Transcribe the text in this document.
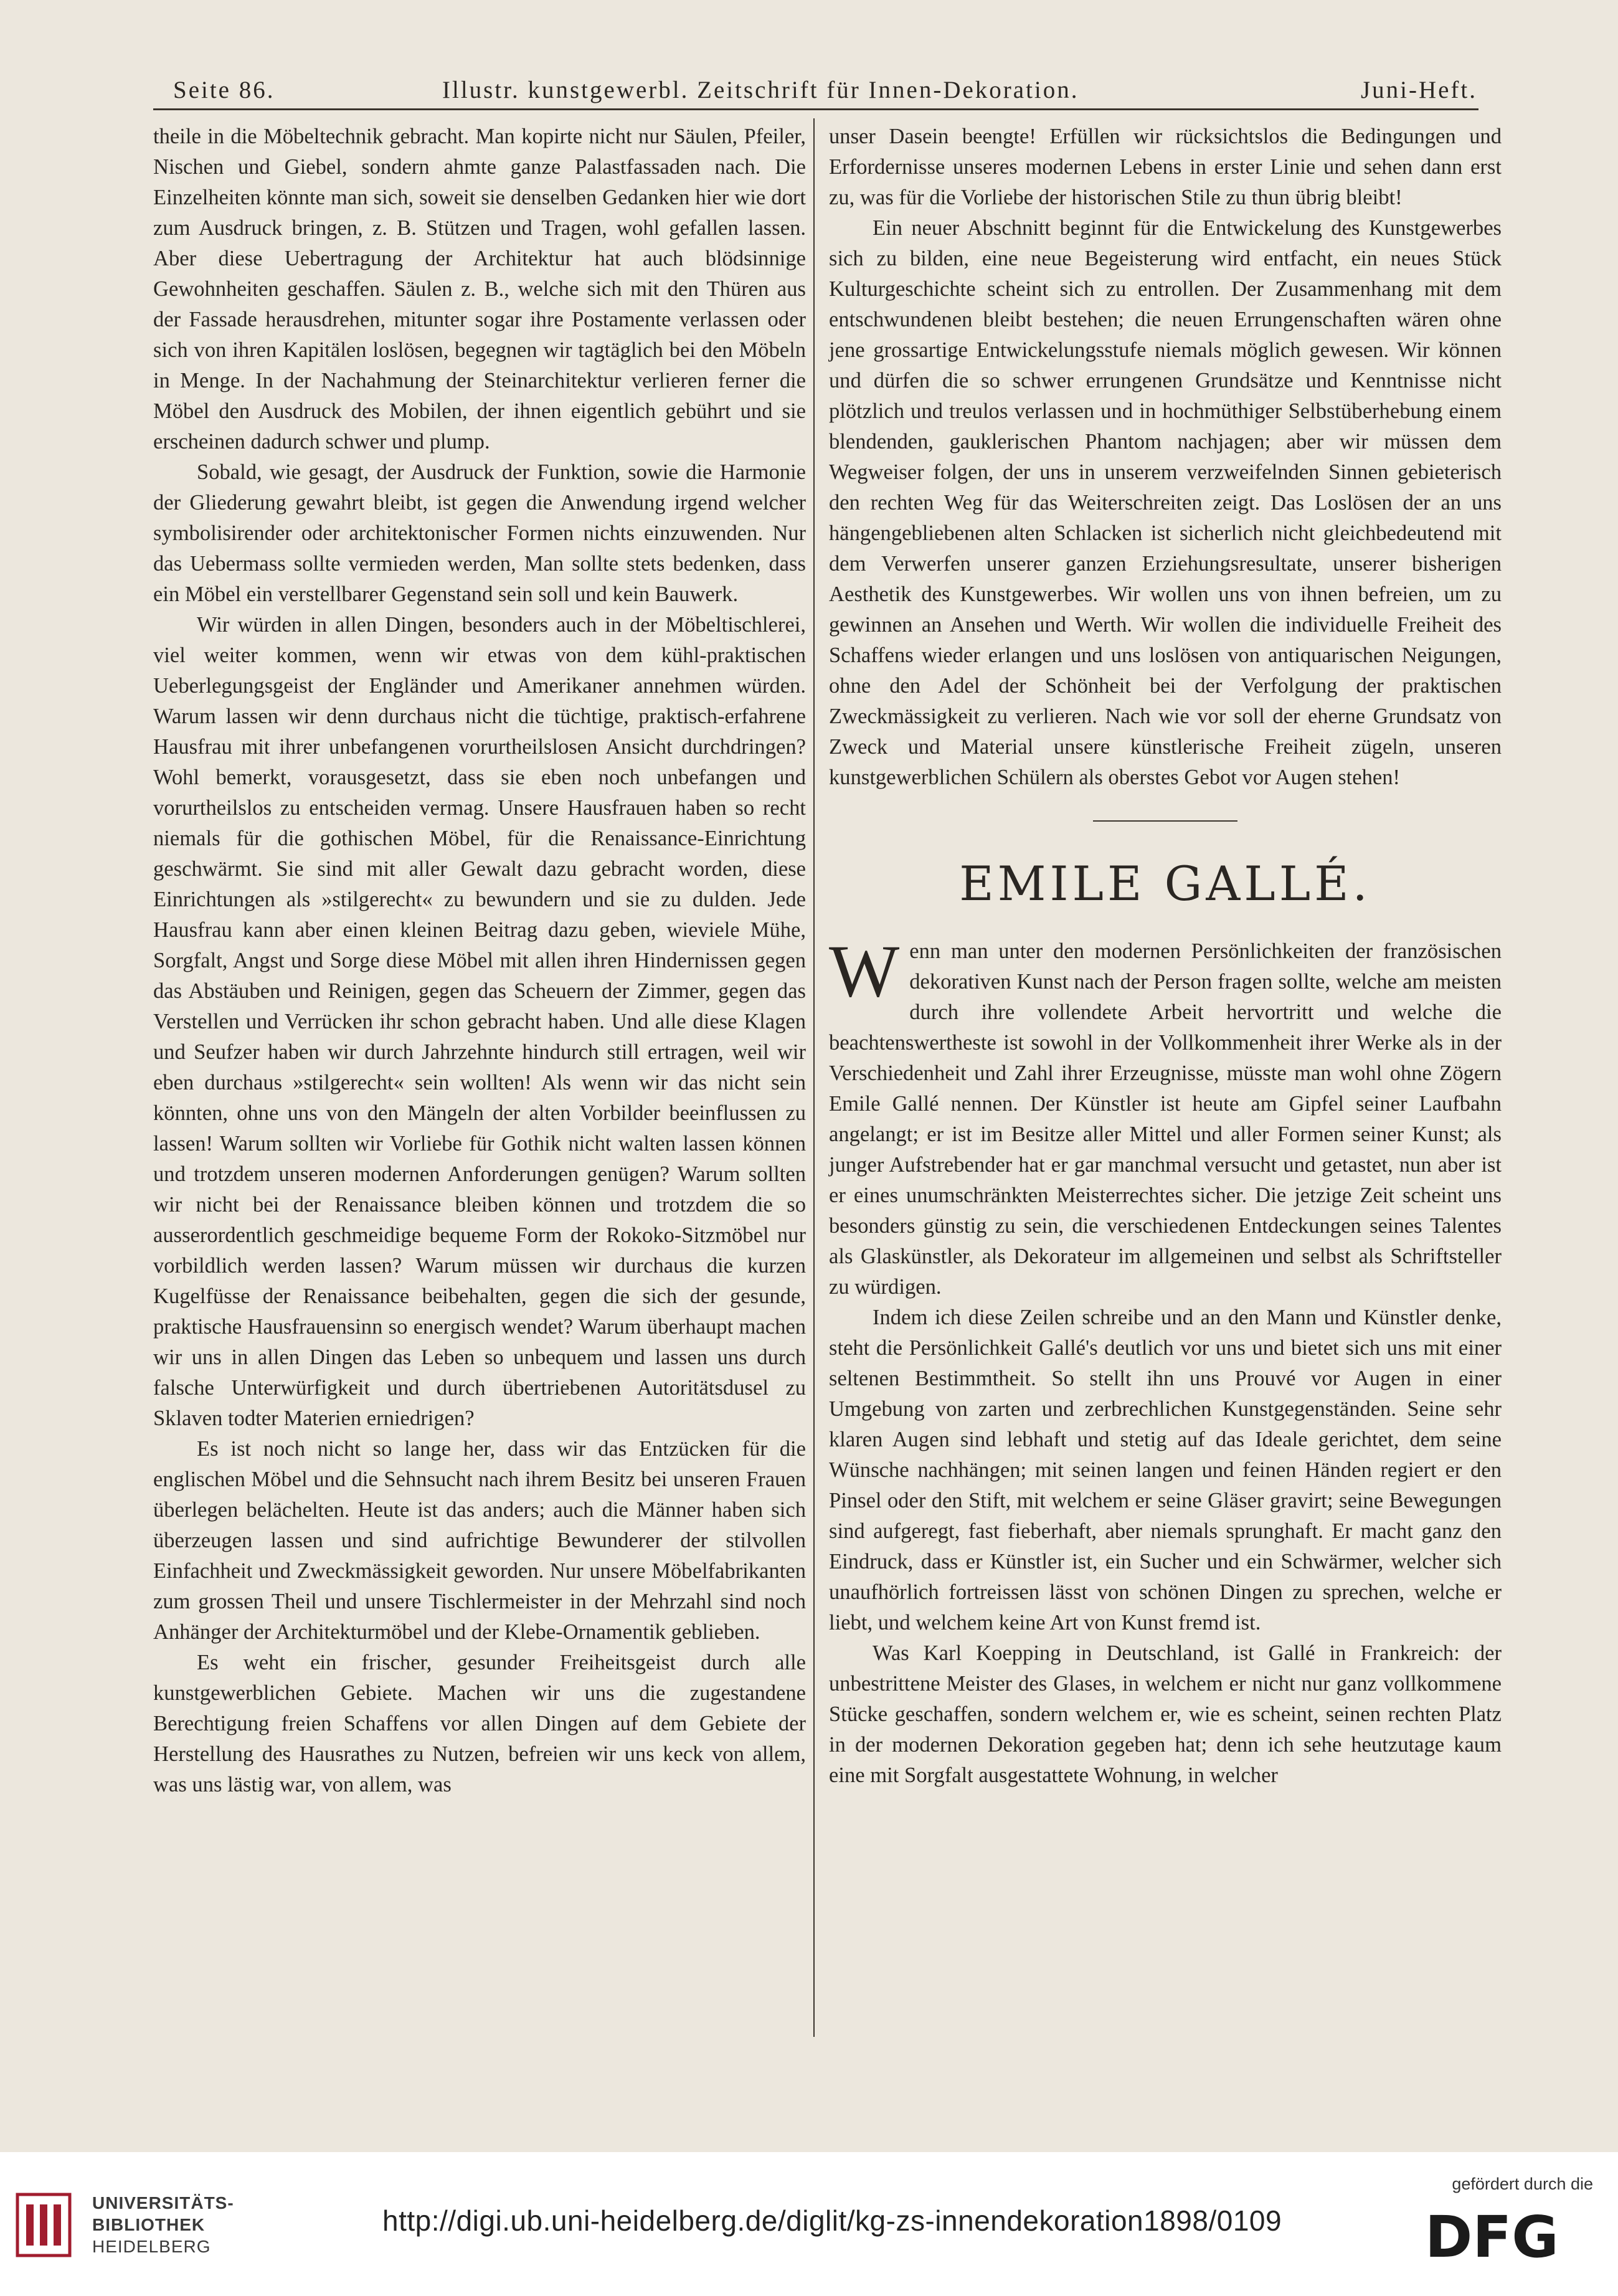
Seite 86.	Illustr. kunstgewerbl. Zeitschrift für Innen-Dekoration.	Juni-Heft.

theile in die Möbeltechnik gebracht. Man kopirte nicht nur Säulen, Pfeiler, Nischen und Giebel, sondern ahmte ganze Palastfassaden nach. Die Einzelheiten könnte man sich, soweit sie denselben Gedanken hier wie dort zum Ausdruck bringen, z. B. Stützen und Tragen, wohl gefallen lassen. Aber diese Uebertragung der Architektur hat auch blödsinnige Gewohnheiten geschaffen. Säulen z. B., welche sich mit den Thüren aus der Fassade herausdrehen, mitunter sogar ihre Postamente verlassen oder sich von ihren Kapitälen loslösen, begegnen wir tagtäglich bei den Möbeln in Menge. In der Nachahmung der Steinarchitektur verlieren ferner die Möbel den Ausdruck des Mobilen, der ihnen eigentlich gebührt und sie erscheinen dadurch schwer und plump.

Sobald, wie gesagt, der Ausdruck der Funktion, sowie die Harmonie der Gliederung gewahrt bleibt, ist gegen die Anwendung irgend welcher symbolisirender oder architektonischer Formen nichts einzuwenden. Nur das Uebermass sollte vermieden werden, Man sollte stets bedenken, dass ein Möbel ein verstellbarer Gegenstand sein soll und kein Bauwerk.

Wir würden in allen Dingen, besonders auch in der Möbeltischlerei, viel weiter kommen, wenn wir etwas von dem kühl-praktischen Ueberlegungsgeist der Engländer und Amerikaner annehmen würden. Warum lassen wir denn durchaus nicht die tüchtige, praktisch-erfahrene Hausfrau mit ihrer unbefangenen vorurtheilslosen Ansicht durchdringen? Wohl bemerkt, vorausgesetzt, dass sie eben noch unbefangen und vorurtheilslos zu entscheiden vermag. Unsere Hausfrauen haben so recht niemals für die gothischen Möbel, für die Renaissance-Einrichtung geschwärmt. Sie sind mit aller Gewalt dazu gebracht worden, diese Einrichtungen als »stilgerecht« zu bewundern und sie zu dulden. Jede Hausfrau kann aber einen kleinen Beitrag dazu geben, wieviele Mühe, Sorgfalt, Angst und Sorge diese Möbel mit allen ihren Hindernissen gegen das Abstäuben und Reinigen, gegen das Scheuern der Zimmer, gegen das Verstellen und Verrücken ihr schon gebracht haben. Und alle diese Klagen und Seufzer haben wir durch Jahrzehnte hindurch still ertragen, weil wir eben durchaus »stilgerecht« sein wollten! Als wenn wir das nicht sein könnten, ohne uns von den Mängeln der alten Vorbilder beeinflussen zu lassen! Warum sollten wir Vorliebe für Gothik nicht walten lassen können und trotzdem unseren modernen Anforderungen genügen? Warum sollten wir nicht bei der Renaissance bleiben können und trotzdem die so ausserordentlich geschmeidige bequeme Form der Rokoko-Sitzmöbel nur vorbildlich werden lassen? Warum müssen wir durchaus die kurzen Kugelfüsse der Renaissance beibehalten, gegen die sich der gesunde, praktische Hausfrauensinn so energisch wendet? Warum überhaupt machen wir uns in allen Dingen das Leben so unbequem und lassen uns durch falsche Unterwürfigkeit und durch übertriebenen Autoritätsdusel zu Sklaven todter Materien erniedrigen?

Es ist noch nicht so lange her, dass wir das Entzücken für die englischen Möbel und die Sehnsucht nach ihrem Besitz bei unseren Frauen überlegen belächelten. Heute ist das anders; auch die Männer haben sich überzeugen lassen und sind aufrichtige Bewunderer der stilvollen Einfachheit und Zweckmässigkeit geworden. Nur unsere Möbelfabrikanten zum grossen Theil und unsere Tischlermeister in der Mehrzahl sind noch Anhänger der Architekturmöbel und der Klebe-Ornamentik geblieben.

Es weht ein frischer, gesunder Freiheitsgeist durch alle kunstgewerblichen Gebiete. Machen wir uns die zugestandene Berechtigung freien Schaffens vor allen Dingen auf dem Gebiete der Herstellung des Hausrathes zu Nutzen, befreien wir uns keck von allem, was uns lästig war, von allem, was

unser Dasein beengte! Erfüllen wir rücksichtslos die Bedingungen und Erfordernisse unseres modernen Lebens in erster Linie und sehen dann erst zu, was für die Vorliebe der historischen Stile zu thun übrig bleibt!

Ein neuer Abschnitt beginnt für die Entwickelung des Kunstgewerbes sich zu bilden, eine neue Begeisterung wird entfacht, ein neues Stück Kulturgeschichte scheint sich zu entrollen. Der Zusammenhang mit dem entschwundenen bleibt bestehen; die neuen Errungenschaften wären ohne jene grossartige Entwickelungsstufe niemals möglich gewesen. Wir können und dürfen die so schwer errungenen Grundsätze und Kenntnisse nicht plötzlich und treulos verlassen und in hochmüthiger Selbstüberhebung einem blendenden, gauklerischen Phantom nachjagen; aber wir müssen dem Wegweiser folgen, der uns in unserem verzweifelnden Sinnen gebieterisch den rechten Weg für das Weiterschreiten zeigt. Das Loslösen der an uns hängengebliebenen alten Schlacken ist sicherlich nicht gleichbedeutend mit dem Verwerfen unserer ganzen Erziehungsresultate, unserer bisherigen Aesthetik des Kunstgewerbes. Wir wollen uns von ihnen befreien, um zu gewinnen an Ansehen und Werth. Wir wollen die individuelle Freiheit des Schaffens wieder erlangen und uns loslösen von antiquarischen Neigungen, ohne den Adel der Schönheit bei der Verfolgung der praktischen Zweckmässigkeit zu verlieren. Nach wie vor soll der eherne Grundsatz von Zweck und Material unsere künstlerische Freiheit zügeln, unseren kunstgewerblichen Schülern als oberstes Gebot vor Augen stehen!

EMILE GALLÉ.

Wenn man unter den modernen Persönlichkeiten der französischen dekorativen Kunst nach der Person fragen sollte, welche am meisten durch ihre vollendete Arbeit hervortritt und welche die beachtenswertheste ist sowohl in der Vollkommenheit ihrer Werke als in der Verschiedenheit und Zahl ihrer Erzeugnisse, müsste man wohl ohne Zögern Emile Gallé nennen. Der Künstler ist heute am Gipfel seiner Laufbahn angelangt; er ist im Besitze aller Mittel und aller Formen seiner Kunst; als junger Aufstrebender hat er gar manchmal versucht und getastet, nun aber ist er eines unumschränkten Meisterrechtes sicher. Die jetzige Zeit scheint uns besonders günstig zu sein, die verschiedenen Entdeckungen seines Talentes als Glaskünstler, als Dekorateur im allgemeinen und selbst als Schriftsteller zu würdigen.

Indem ich diese Zeilen schreibe und an den Mann und Künstler denke, steht die Persönlichkeit Gallé's deutlich vor uns und bietet sich uns mit einer seltenen Bestimmtheit. So stellt ihn uns Prouvé vor Augen in einer Umgebung von zarten und zerbrechlichen Kunstgegenständen. Seine sehr klaren Augen sind lebhaft und stetig auf das Ideale gerichtet, dem seine Wünsche nachhängen; mit seinen langen und feinen Händen regiert er den Pinsel oder den Stift, mit welchem er seine Gläser gravirt; seine Bewegungen sind aufgeregt, fast fieberhaft, aber niemals sprunghaft. Er macht ganz den Eindruck, dass er Künstler ist, ein Sucher und ein Schwärmer, welcher sich unaufhörlich fortreissen lässt von schönen Dingen zu sprechen, welche er liebt, und welchem keine Art von Kunst fremd ist.

Was Karl Koepping in Deutschland, ist Gallé in Frankreich: der unbestrittene Meister des Glases, in welchem er nicht nur ganz vollkommene Stücke geschaffen, sondern welchem er, wie es scheint, seinen rechten Platz in der modernen Dekoration gegeben hat; denn ich sehe heutzutage kaum eine mit Sorgfalt ausgestattete Wohnung, in welcher

UNIVERSITÄTS-
BIBLIOTHEK
HEIDELBERG
http://digi.ub.uni-heidelberg.de/diglit/kg-zs-innendekoration1898/0109
gefördert durch die
DFG
